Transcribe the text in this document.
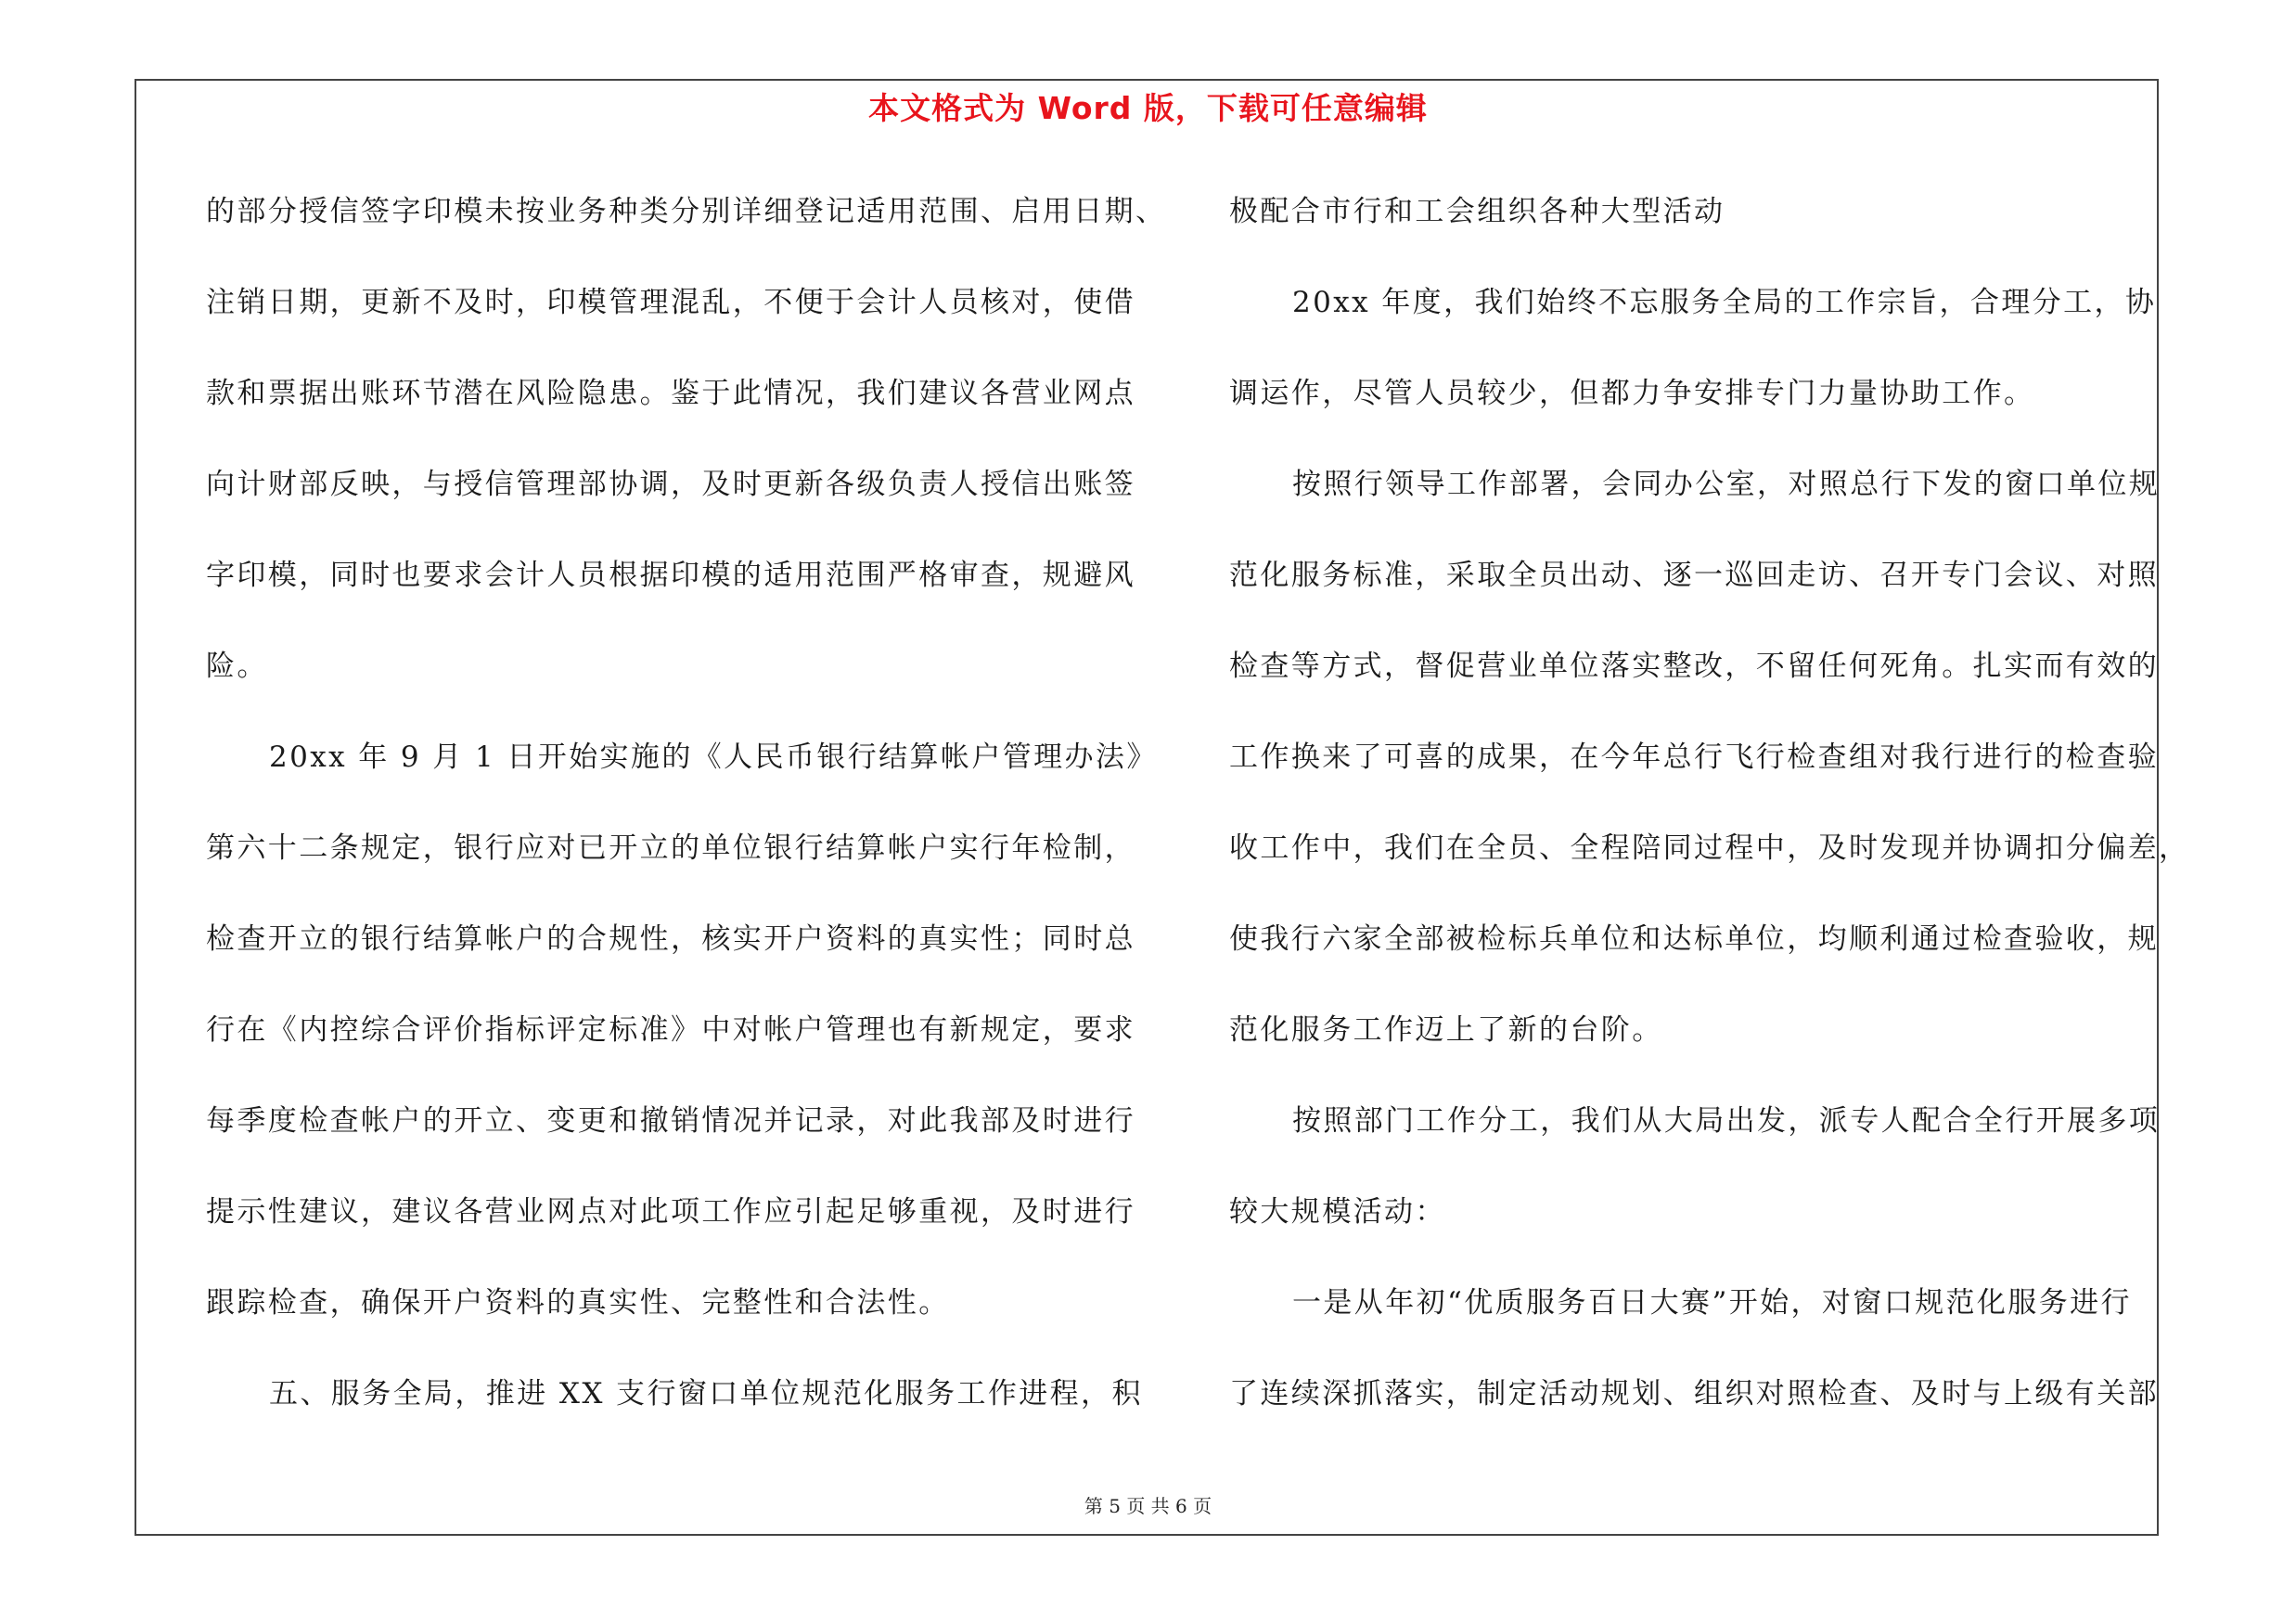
本文格式为 Word 版，下载可任意编辑
的部分授信签字印模未按业务种类分别详细登记适用范围、启用日期、
注销日期，更新不及时，印模管理混乱，不便于会计人员核对，使借
款和票据出账环节潜在风险隐患。鉴于此情况，我们建议各营业网点
向计财部反映，与授信管理部协调，及时更新各级负责人授信出账签
字印模，同时也要求会计人员根据印模的适用范围严格审查，规避风
险。
20xx 年 9 月 1 日开始实施的《人民币银行结算帐户管理办法》
第六十二条规定，银行应对已开立的单位银行结算帐户实行年检制，
检查开立的银行结算帐户的合规性，核实开户资料的真实性；同时总
行在《内控综合评价指标评定标准》中对帐户管理也有新规定，要求
每季度检查帐户的开立、变更和撤销情况并记录，对此我部及时进行
提示性建议，建议各营业网点对此项工作应引起足够重视，及时进行
跟踪检查，确保开户资料的真实性、完整性和合法性。
五、服务全局，推进 XX 支行窗口单位规范化服务工作进程，积
极配合市行和工会组织各种大型活动
20xx 年度，我们始终不忘服务全局的工作宗旨，合理分工，协
调运作，尽管人员较少，但都力争安排专门力量协助工作。
按照行领导工作部署，会同办公室，对照总行下发的窗口单位规
范化服务标准，采取全员出动、逐一巡回走访、召开专门会议、对照
检查等方式，督促营业单位落实整改，不留任何死角。扎实而有效的
工作换来了可喜的成果，在今年总行飞行检查组对我行进行的检查验
收工作中，我们在全员、全程陪同过程中，及时发现并协调扣分偏差，
使我行六家全部被检标兵单位和达标单位，均顺利通过检查验收，规
范化服务工作迈上了新的台阶。
按照部门工作分工，我们从大局出发，派专人配合全行开展多项
较大规模活动：
一是从年初“优质服务百日大赛”开始，对窗口规范化服务进行
了连续深抓落实，制定活动规划、组织对照检查、及时与上级有关部
第 5 页 共 6 页
